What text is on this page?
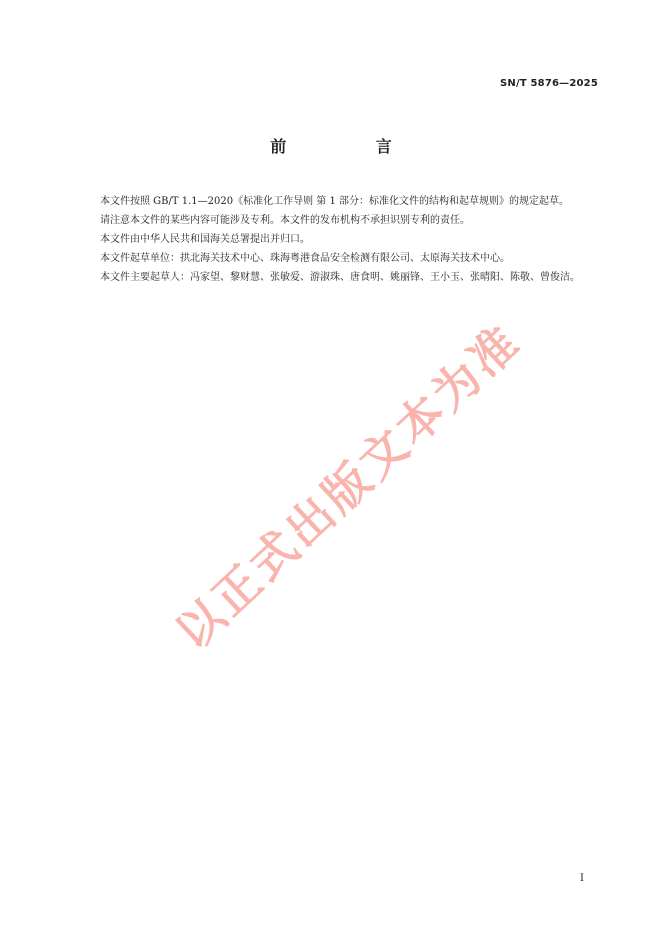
SN/T 5876—2025
前 言

本文件按照 GB/T 1.1—2020《标准化工作导则 第 1 部分：标准化文件的结构和起草规则》的规定起草。

请注意本文件的某些内容可能涉及专利。本文件的发布机构不承担识别专利的责任。

本文件由中华人民共和国海关总署提出并归口。

本文件起草单位：拱北海关技术中心、珠海粤港食品安全检测有限公司、太原海关技术中心。

本文件主要起草人：冯家望、黎财慧、张敏爱、游淑珠、唐食明、姚丽锋、王小玉、张晴阳、陈敬、曾俊洁。

以正式出版文本为准
I
